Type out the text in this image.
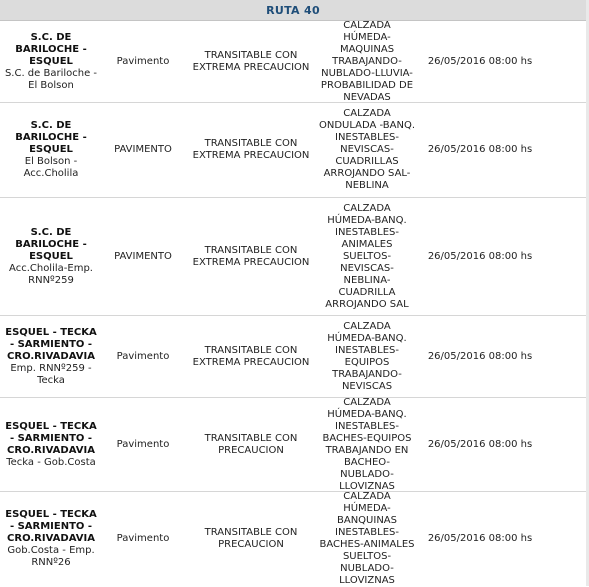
RUTA 40
S.C. DE BARILOCHE - ESQUEL
S.C. de Bariloche - El Bolson
Pavimento
TRANSITABLE CON EXTREMA PRECAUCION
CALZADA HÚMEDA-MAQUINAS TRABAJANDO-NUBLADO-LLUVIA-PROBABILIDAD DE NEVADAS
26/05/2016 08:00 hs
S.C. DE BARILOCHE - ESQUEL
El Bolson - Acc.Cholila
PAVIMENTO
TRANSITABLE CON EXTREMA PRECAUCION
CALZADA ONDULADA -BANQ. INESTABLES-NEVISCAS-CUADRILLAS ARROJANDO SAL-NEBLINA
26/05/2016 08:00 hs
S.C. DE BARILOCHE - ESQUEL
Acc.Cholila-Emp. RNNº259
PAVIMENTO
TRANSITABLE CON EXTREMA PRECAUCION
CALZADA HÚMEDA-BANQ. INESTABLES-ANIMALES SUELTOS-NEVISCAS-NEBLINA-CUADRILLA ARROJANDO SAL
26/05/2016 08:00 hs
ESQUEL - TECKA - SARMIENTO - CRO.RIVADAVIA
Emp. RNNº259 - Tecka
Pavimento
TRANSITABLE CON EXTREMA PRECAUCION
CALZADA HÚMEDA-BANQ. INESTABLES-EQUIPOS TRABAJANDO-NEVISCAS
26/05/2016 08:00 hs
ESQUEL - TECKA - SARMIENTO - CRO.RIVADAVIA
Tecka - Gob.Costa
Pavimento
TRANSITABLE CON PRECAUCION
CALZADA HÚMEDA-BANQ. INESTABLES-BACHES-EQUIPOS TRABAJANDO EN BACHEO-NUBLADO-LLOVIZNAS
26/05/2016 08:00 hs
ESQUEL - TECKA - SARMIENTO - CRO.RIVADAVIA
Gob.Costa - Emp. RNNº26
Pavimento
TRANSITABLE CON PRECAUCION
CALZADA HÚMEDA-BANQUINAS INESTABLES-BACHES-ANIMALES SUELTOS-NUBLADO-LLOVIZNAS
26/05/2016 08:00 hs
